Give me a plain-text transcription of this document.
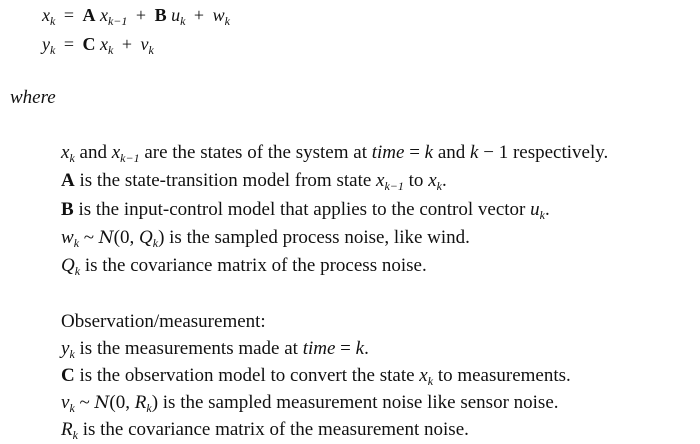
$x_k = A$ $x_{k-1} + B$ $u_k + w_k$
$y_k = C$ $x_k + v_k$
where
$x_k$ and $x_{k-1}$ are the states of the system at time = k and k − 1 respectively.
A is the state-transition model from state $x_{k-1}$ to $x_k$.
B is the input-control model that applies to the control vector $u_k$.
$w_k$ ~ N(0, $Q_k$) is the sampled process noise, like wind.
$Q_k$ is the covariance matrix of the process noise.
Observation/measurement:
$y_k$ is the measurements made at time = k.
C is the observation model to convert the state $x_k$ to measurements.
$v_k$ ~ N(0, $R_k$) is the sampled measurement noise like sensor noise.
$R_k$ is the covariance matrix of the measurement noise.
